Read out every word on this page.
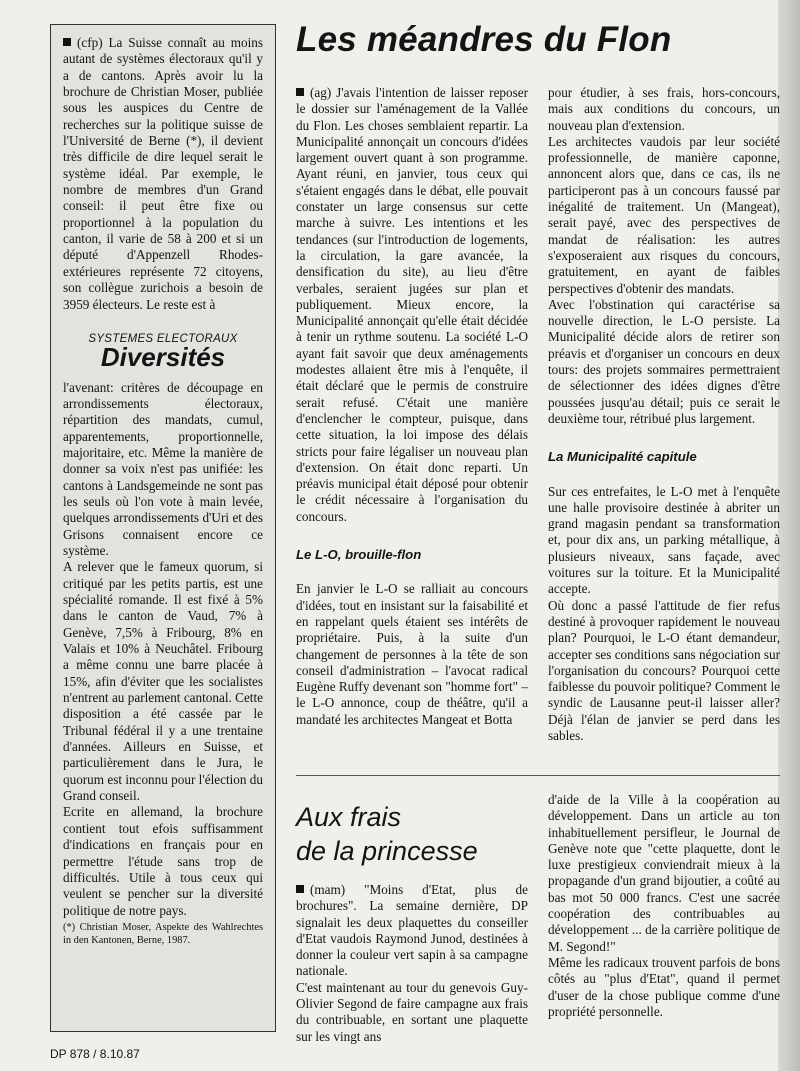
(cfp) La Suisse connaît au moins autant de systèmes électoraux qu'il y a de cantons. Après avoir lu la brochure de Christian Moser, publiée sous les auspices du Centre de recherches sur la politique suisse de l'Université de Berne (*), il devient très difficile de dire lequel serait le système idéal. Par exemple, le nombre de membres d'un Grand conseil: il peut être fixe ou proportionnel à la population du canton, il varie de 58 à 200 et si un député d'Appenzell Rhodes-extérieures représente 72 citoyens, son collègue zurichois a besoin de 3959 électeurs. Le reste est à

SYSTEMES ELECTORAUX

Diversités

l'avenant: critères de découpage en arrondissements électoraux, répartition des mandats, cumul, apparentements, proportionnelle, majoritaire, etc. Même la manière de donner sa voix n'est pas unifiée: les cantons à Landsgemeinde ne sont pas les seuls où l'on vote à main levée, quelques arrondissements d'Uri et des Grisons connaisent encore ce système.

A relever que le fameux quorum, si critiqué par les petits partis, est une spécialité romande. Il est fixé à 5% dans le canton de Vaud, 7% à Genève, 7,5% à Fribourg, 8% en Valais et 10% à Neuchâtel. Fribourg a même connu une barre placée à 15%, afin d'éviter que les socialistes n'entrent au parlement cantonal. Cette disposition a été cassée par le Tribunal fédéral il y a une trentaine d'années. Ailleurs en Suisse, et particulièrement dans le Jura, le quorum est inconnu pour l'élection du Grand conseil.

Ecrite en allemand, la brochure contient tout efois suffisamment d'indications en français pour en permettre l'étude sans trop de difficultés. Utile à tous ceux qui veulent se pencher sur la diversité politique de notre pays.

(*) Christian Moser, Aspekte des Wahlrechtes in den Kantonen, Berne, 1987.

Les méandres du Flon

(ag) J'avais l'intention de laisser reposer le dossier sur l'aménagement de la Vallée du Flon. Les choses semblaient repartir. La Municipalité annonçait un concours d'idées largement ouvert quant à son programme. Ayant réuni, en janvier, tous ceux qui s'étaient engagés dans le débat, elle pouvait constater un large consensus sur cette marche à suivre. Les intentions et les tendances (sur l'introduction de logements, la circulation, la gare avancée, la densification du site), au lieu d'être verbales, seraient jugées sur plan et publiquement. Mieux encore, la Municipalité annonçait qu'elle était décidée à tenir un rythme soutenu. La société L-O ayant fait savoir que deux aménagements modestes allaient être mis à l'enquête, il était déclaré que le permis de construire serait refusé. C'était une manière d'enclencher le compteur, puisque, dans cette situation, la loi impose des délais stricts pour faire légaliser un nouveau plan d'extension. On était donc reparti. Un préavis municipal était déposé pour obtenir le crédit nécessaire à l'organisation du concours.

Le L-O, brouille-flon

En janvier le L-O se ralliait au concours d'idées, tout en insistant sur la faisabilité et en rappelant quels étaient ses intérêts de propriétaire. Puis, à la suite d'un changement de personnes à la tête de son conseil d'administration – l'avocat radical Eugène Ruffy devenant son "homme fort" – le L-O annonce, coup de théâtre, qu'il a mandaté les architectes Mangeat et Botta

pour étudier, à ses frais, hors-concours, mais aux conditions du concours, un nouveau plan d'extension.

Les architectes vaudois par leur société professionnelle, de manière caponne, annoncent alors que, dans ce cas, ils ne participeront pas à un concours faussé par inégalité de traitement. Un (Mangeat), serait payé, avec des perspectives de mandat de réalisation: les autres s'exposeraient aux risques du concours, gratuitement, en ayant de faibles perspectives d'obtenir des mandats.

Avec l'obstination qui caractérise sa nouvelle direction, le L-O persiste. La Municipalité décide alors de retirer son préavis et d'organiser un concours en deux tours: des projets sommaires permettraient de sélectionner des idées dignes d'être poussées jusqu'au détail; puis ce serait le deuxième tour, rétribué plus largement.

La Municipalité capitule

Sur ces entrefaites, le L-O met à l'enquête une halle provisoire destinée à abriter un grand magasin pendant sa transformation et, pour dix ans, un parking métallique, à plusieurs niveaux, sans façade, avec voitures sur la toiture. Et la Municipalité accepte.

Où donc a passé l'attitude de fier refus destiné à provoquer rapidement le nouveau plan? Pourquoi, le L-O étant demandeur, accepter ses conditions sans négociation sur l'organisation du concours? Pourquoi cette faiblesse du pouvoir politique? Comment le syndic de Lausanne peut-il laisser aller? Déjà l'élan de janvier se perd dans les sables.

Aux frais
de la princesse

(mam) "Moins d'Etat, plus de brochures". La semaine dernière, DP signalait les deux plaquettes du conseiller d'Etat vaudois Raymond Junod, destinées à donner la couleur vert sapin à sa campagne nationale.

C'est maintenant au tour du genevois Guy-Olivier Segond de faire campagne aux frais du contribuable, en sortant une plaquette sur les vingt ans

d'aide de la Ville à la coopération au développement. Dans un article au ton inhabituellement persifleur, le Journal de Genève note que "cette plaquette, dont le luxe prestigieux conviendrait mieux à la propagande d'un grand bijoutier, a coûté au bas mot 50 000 francs. C'est une sacrée coopération des contribuables au développement ... de la carrière politique de M. Segond!"

Même les radicaux trouvent parfois de bons côtés au "plus d'Etat", quand il permet d'user de la chose publique comme d'une propriété personnelle.

DP 878 / 8.10.87
